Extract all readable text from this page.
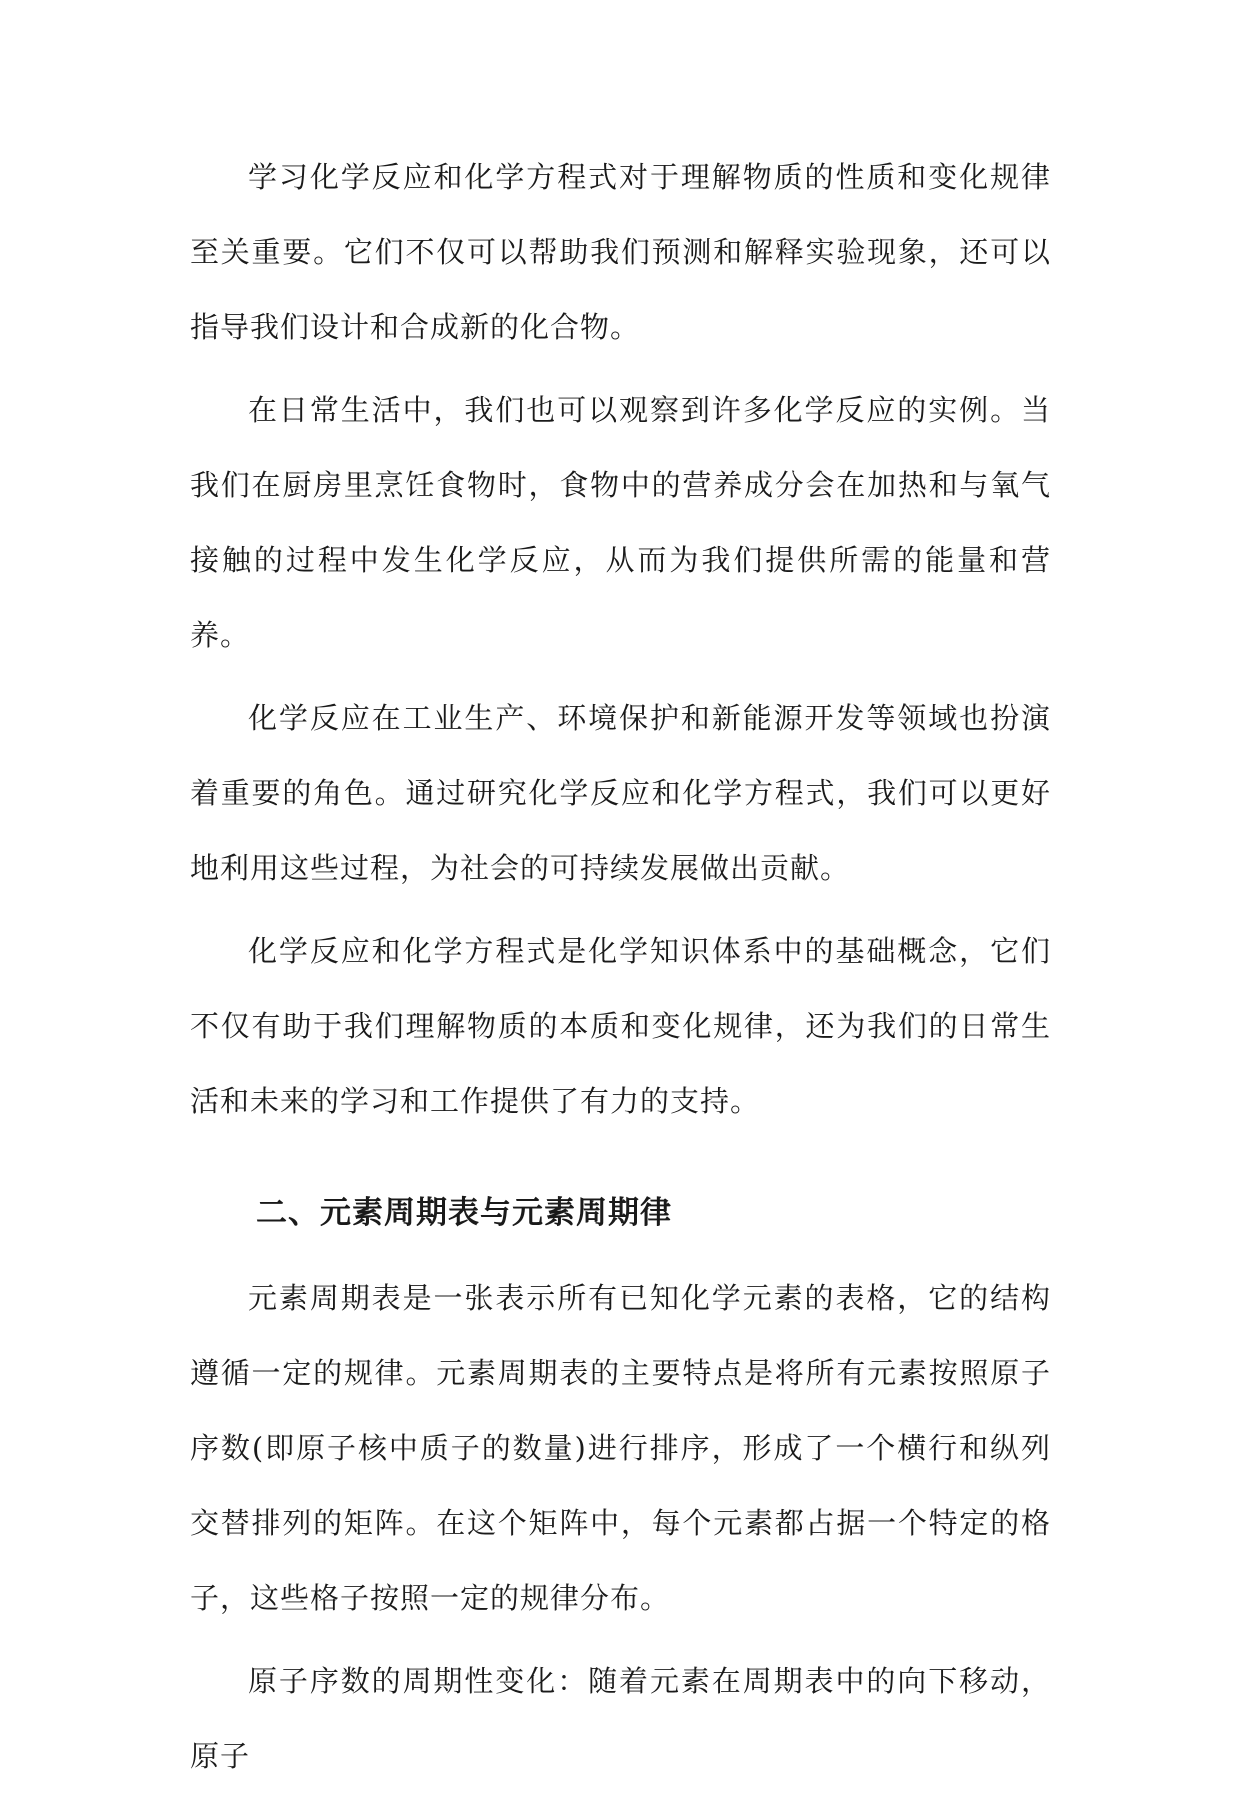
学习化学反应和化学方程式对于理解物质的性质和变化规律至关重要。它们不仅可以帮助我们预测和解释实验现象，还可以指导我们设计和合成新的化合物。

在日常生活中，我们也可以观察到许多化学反应的实例。当我们在厨房里烹饪食物时，食物中的营养成分会在加热和与氧气接触的过程中发生化学反应，从而为我们提供所需的能量和营养。

化学反应在工业生产、环境保护和新能源开发等领域也扮演着重要的角色。通过研究化学反应和化学方程式，我们可以更好地利用这些过程，为社会的可持续发展做出贡献。

化学反应和化学方程式是化学知识体系中的基础概念，它们不仅有助于我们理解物质的本质和变化规律，还为我们的日常生活和未来的学习和工作提供了有力的支持。

二、元素周期表与元素周期律

元素周期表是一张表示所有已知化学元素的表格，它的结构遵循一定的规律。元素周期表的主要特点是将所有元素按照原子序数(即原子核中质子的数量)进行排序，形成了一个横行和纵列交替排列的矩阵。在这个矩阵中，每个元素都占据一个特定的格子，这些格子按照一定的规律分布。

原子序数的周期性变化：随着元素在周期表中的向下移动，原子
